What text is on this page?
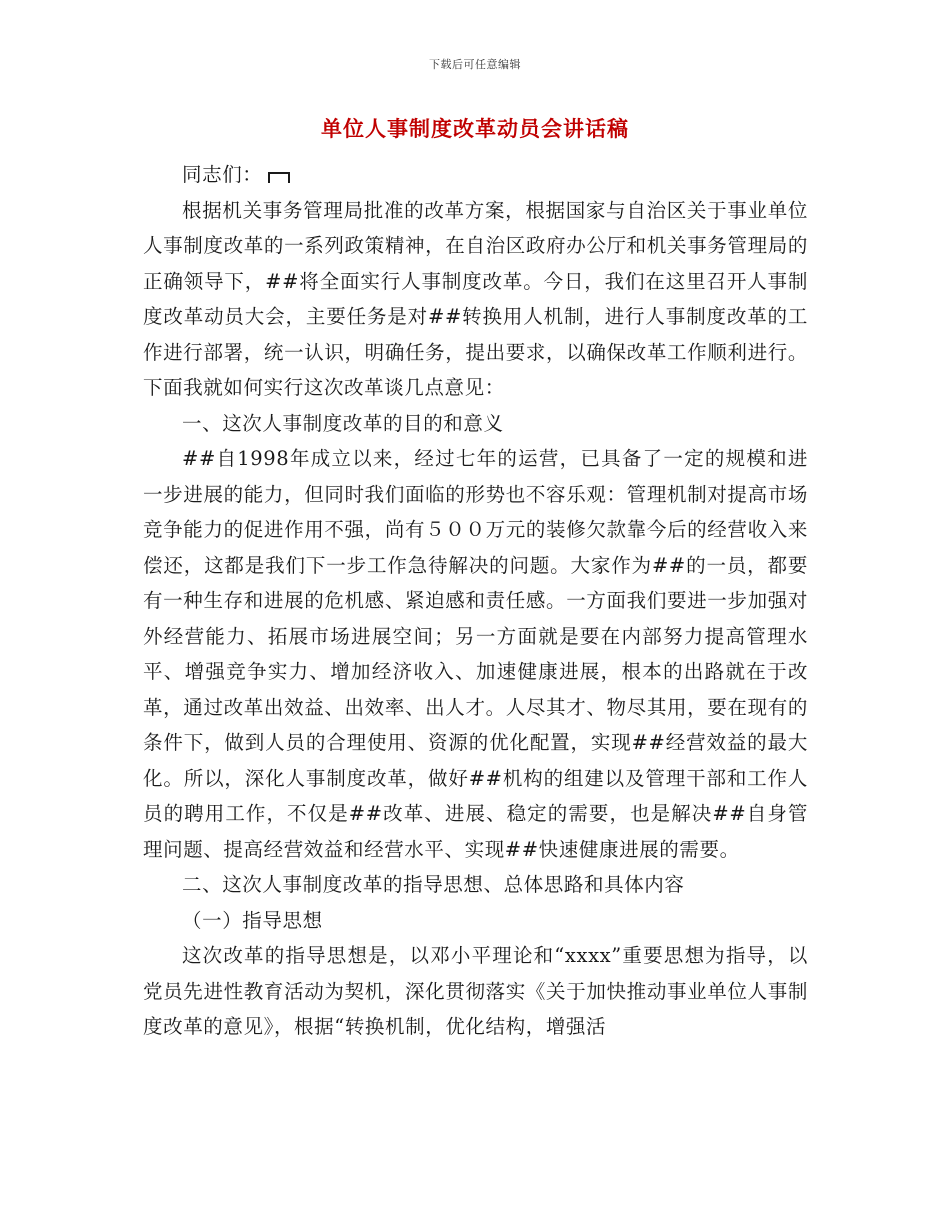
下载后可任意编辑
单位人事制度改革动员会讲话稿

同志们：

根据机关事务管理局批准的改革方案，根据国家与自治区关于事业单位人事制度改革的一系列政策精神，在自治区政府办公厅和机关事务管理局的正确领导下，##将全面实行人事制度改革。今日，我们在这里召开人事制度改革动员大会，主要任务是对##转换用人机制，进行人事制度改革的工作进行部署，统一认识，明确任务，提出要求，以确保改革工作顺利进行。下面我就如何实行这次改革谈几点意见：

一、这次人事制度改革的目的和意义

##自1998年成立以来，经过七年的运营，已具备了一定的规模和进一步进展的能力，但同时我们面临的形势也不容乐观：管理机制对提高市场竞争能力的促进作用不强，尚有５００万元的装修欠款靠今后的经营收入来偿还，这都是我们下一步工作急待解决的问题。大家作为##的一员，都要有一种生存和进展的危机感、紧迫感和责任感。一方面我们要进一步加强对外经营能力、拓展市场进展空间；另一方面就是要在内部努力提高管理水平、增强竞争实力、增加经济收入、加速健康进展，根本的出路就在于改革，通过改革出效益、出效率、出人才。人尽其才、物尽其用，要在现有的条件下，做到人员的合理使用、资源的优化配置，实现##经营效益的最大化。所以，深化人事制度改革，做好##机构的组建以及管理干部和工作人员的聘用工作，不仅是##改革、进展、稳定的需要，也是解决##自身管理问题、提高经营效益和经营水平、实现##快速健康进展的需要。

二、这次人事制度改革的指导思想、总体思路和具体内容

（一）指导思想

这次改革的指导思想是，以邓小平理论和“xxxx”重要思想为指导，以党员先进性教育活动为契机，深化贯彻落实《关于加快推动事业单位人事制度改革的意见》，根据“转换机制，优化结构，增强活
